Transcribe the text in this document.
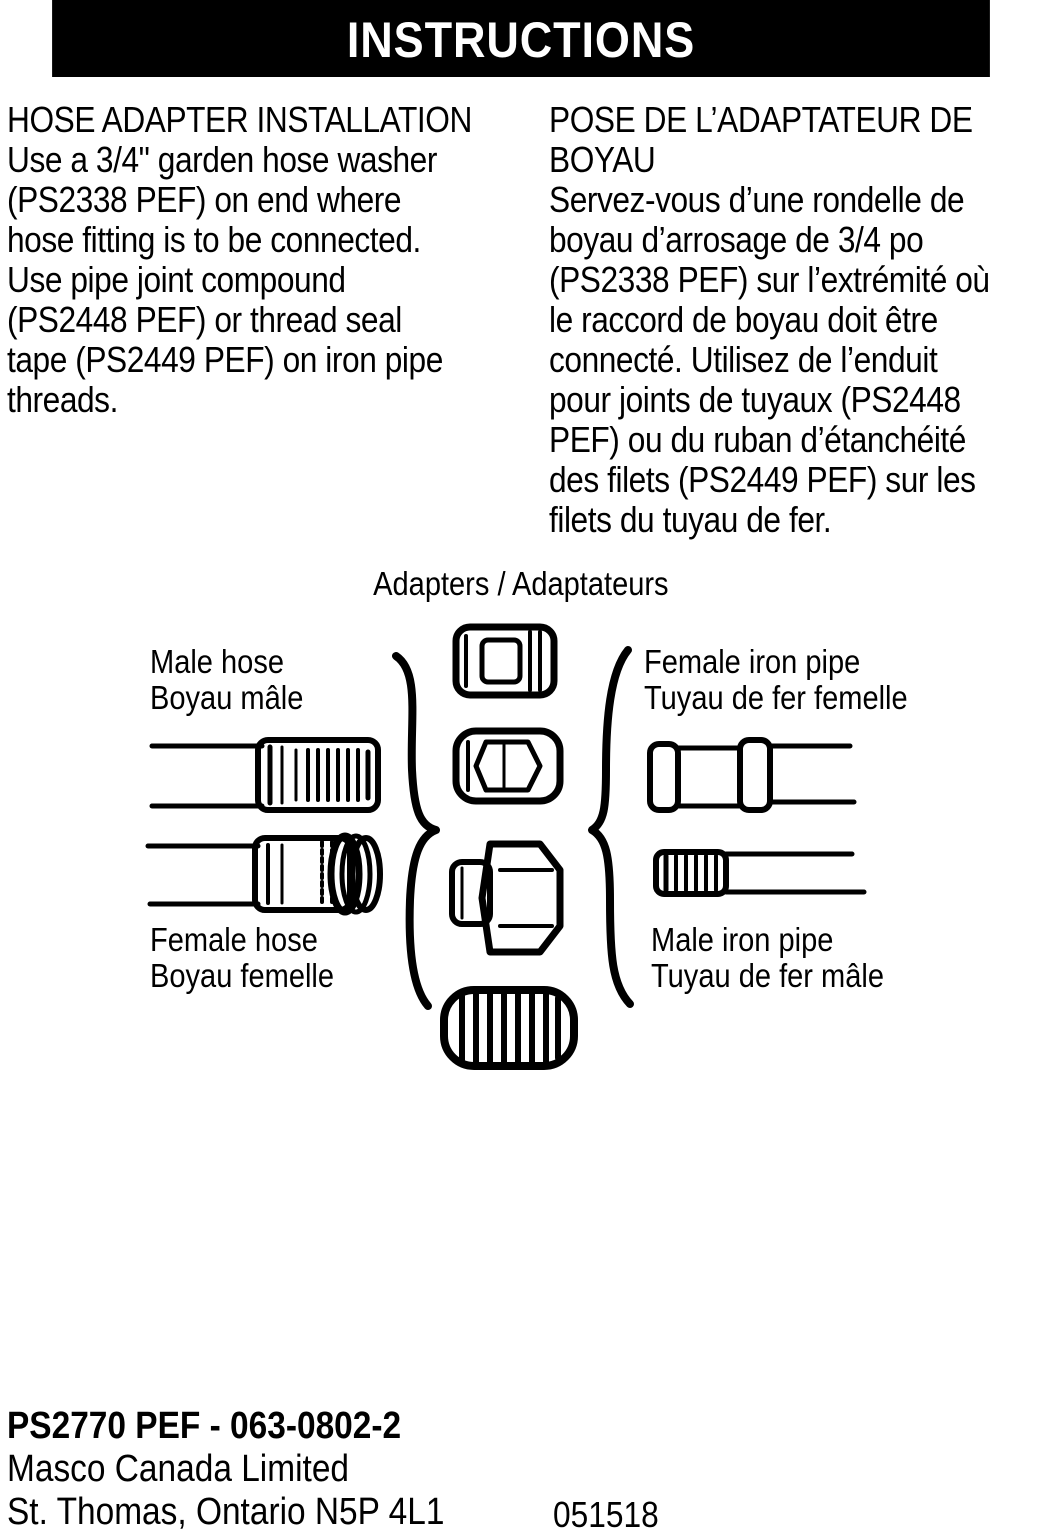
INSTRUCTIONS

HOSE ADAPTER INSTALLATION

Use a 3/4" garden hose washer

(PS2338 PEF) on end where

hose fitting is to be connected.

Use pipe joint compound

(PS2448 PEF) or thread seal

tape (PS2449 PEF) on iron pipe

threads.

POSE DE L’ADAPTATEUR DE

BOYAU

Servez-vous d’une rondelle de

boyau d’arrosage de 3/4 po

(PS2338 PEF) sur l’extrémité où

le raccord de boyau doit être

connecté. Utilisez de l’enduit

pour joints de tuyaux (PS2448

PEF) ou du ruban d’étanchéité

des filets (PS2449 PEF) sur les

filets du tuyau de fer.

Adapters / Adaptateurs
Male hose
Boyau mâle
Female hose
Boyau femelle
Female iron pipe
Tuyau de fer femelle
Male iron pipe
Tuyau de fer mâle
PS2770 PEF - 063-0802-2
Masco Canada Limited
St. Thomas, Ontario N5P 4L1	051518
